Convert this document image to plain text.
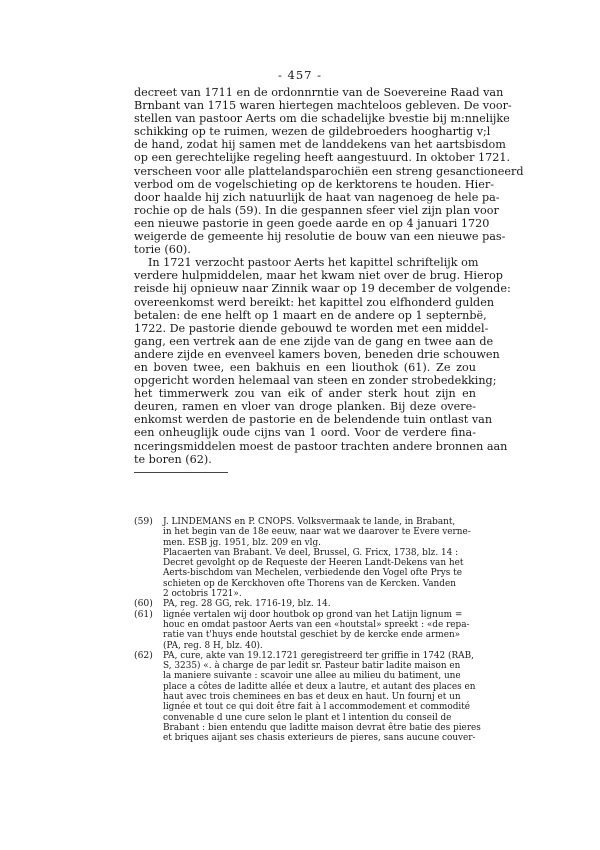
- 457 -
decreet van 1711 en de ordonnrntie van de Soevereine Raad van
Brnbant van 1715 waren hiertegen machteloos gebleven. De voor-
stellen van pastoor Aerts om die schadelijke bvestie bij m:nnelijke
schikking op te ruimen, wezen de gildebroeders hooghartig v;l
de hand, zodat hij samen met de landdekens van het aartsbisdom
op een gerechtelijke regeling heeft aangestuurd. In oktober 1721.
verscheen voor alle plattelandsparochiën een streng gesanctioneerd
verbod om de vogelschieting op de kerktorens te houden. Hier-
door haalde hij zich natuurlijk de haat van nagenoeg de hele pa-
rochie op de hals (59). In die gespannen sfeer viel zijn plan voor
een nieuwe pastorie in geen goede aarde en op 4 januari 1720
weigerde de gemeente hij resolutie de bouw van een nieuwe pas-
torie (60).
In 1721 verzocht pastoor Aerts het kapittel schriftelijk om
verdere hulpmiddelen, maar het kwam niet over de brug. Hierop
reisde hij opnieuw naar Zinnik waar op 19 december de volgende:
overeenkomst werd bereikt: het kapittel zou elfhonderd gulden
betalen: de ene helft op 1 maart en de andere op 1 septernbë,
1722. De pastorie diende gebouwd te worden met een middel-
gang, een vertrek aan de ene zijde van de gang en twee aan de
andere zijde en evenveel kamers boven, beneden drie schouwen
en boven twee, een bakhuis en een liouthok (61). Ze zou
opgericht worden helemaal van steen en zonder strobedekking;
het timmerwerk zou van eik of ander sterk hout zijn en
deuren, ramen en vloer van droge planken. Bij deze overe-
enkomst werden de pastorie en de belendende tuin ontlast van
een onheuglijk oude cijns van 1 oord. Voor de verdere fina-
nceringsmiddelen moest de pastoor trachten andere bronnen aan
te boren (62).
(59) J. LINDEMANS en P. CNOPS. Volksvermaak te lande, in Brabant,
in het begin van de 18e eeuw, naar wat we daarover te Evere verne-
men. ESB jg. 1951, blz. 209 en vlg.
Placaerten van Brabant. Ve deel, Brussel, G. Fricx, 1738, blz. 14 :
Decret gevolght op de Requeste der Heeren Landt-Dekens van het
Aerts-bischdom van Mechelen, verbiedende den Vogel ofte Prys te
schieten op de Kerckhoven ofte Thorens van de Kercken. Vanden
2 octobris 1721».
(60) PA, reg. 28 GG, rek. 1716-19, blz. 14.
(61) lignée vertalen wij door houtbok op grond van het Latijn lignum =
houc en omdat pastoor Aerts van een «houtstal» spreekt : «de repa-
ratie van t'huys ende houtstal geschiet by de kercke ende armen»
(PA, reg. 8 H, blz. 40).
(62) PA, cure, akte van 19.12.1721 geregistreerd ter griffie in 1742 (RAB,
S, 3235) «. à charge de par ledit sr. Pasteur batir ladite maison en
la maniere suivante : scavoir une allee au milieu du batiment, une
place a côtes de laditte allée et deux a lautre, et autant des places en
haut avec trois cheminees en bas et deux en haut. Un fournj et un
lignée et tout ce qui doit être fait à l accommodement et commodité
convenable d une cure selon le plant et l intention du conseil de
Brabant : bien entendu que laditte maison devrat être batie des pieres
et briques aijant ses chasis exterieurs de pieres, sans aucune couver-
